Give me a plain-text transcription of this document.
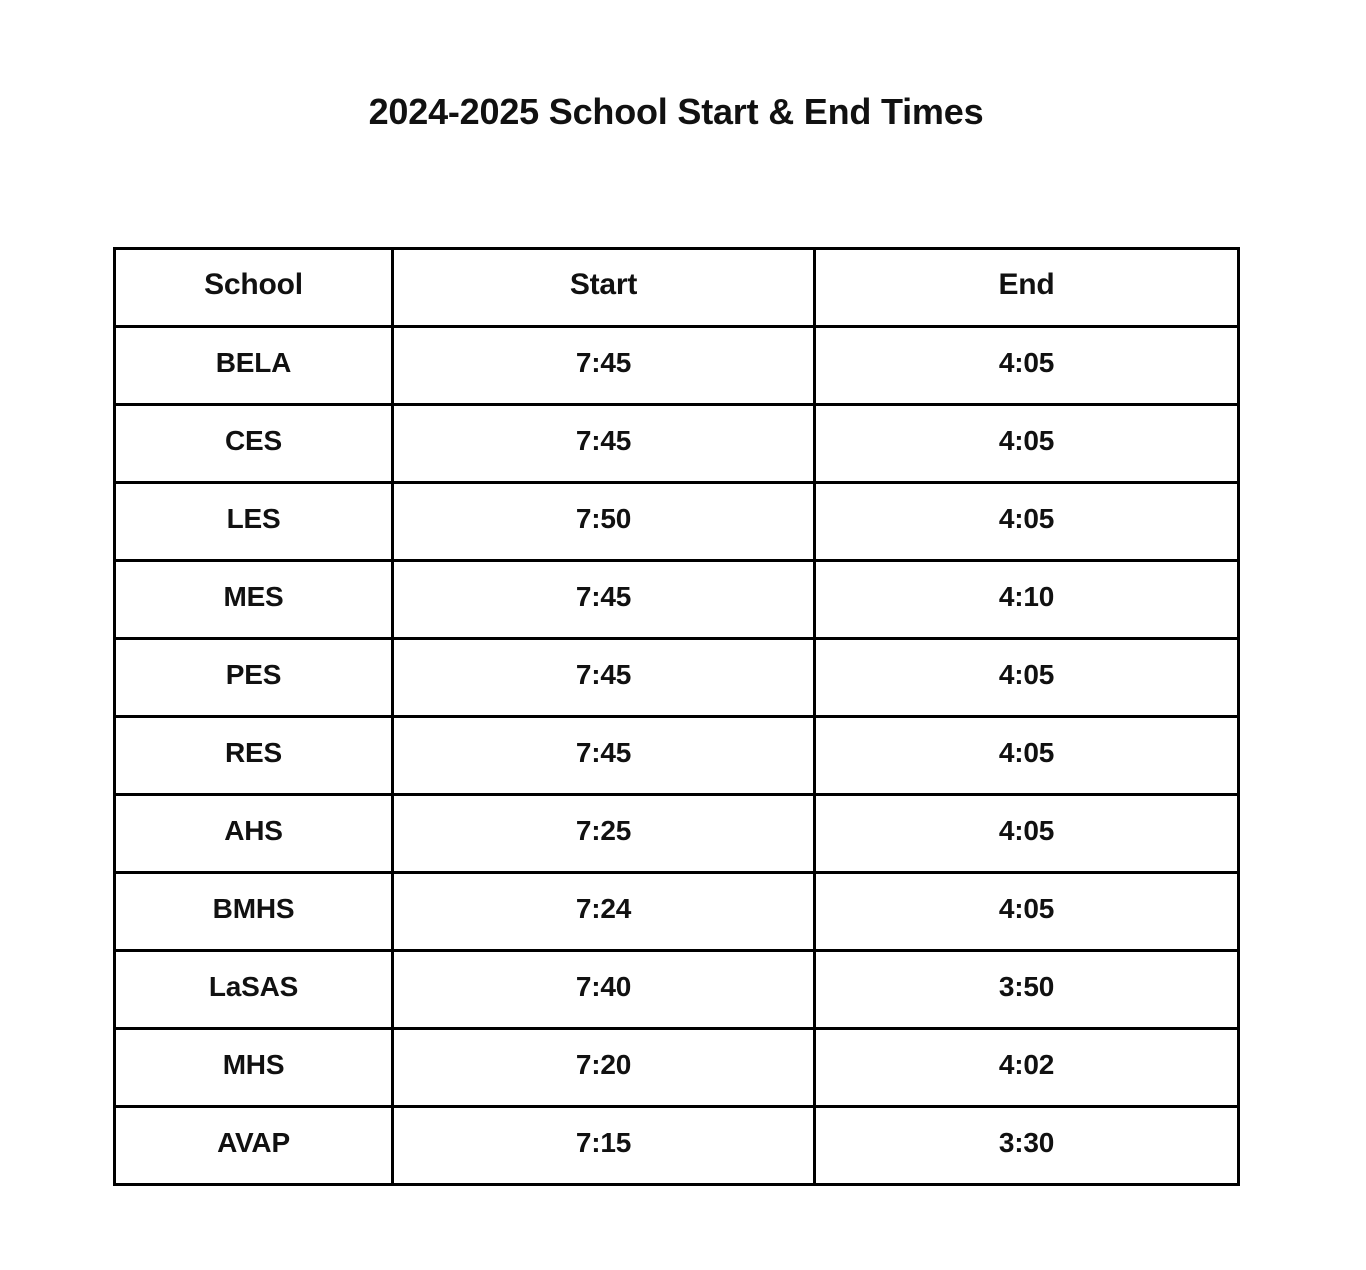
2024-2025 School Start & End Times
School	Start	End
BELA	7:45	4:05
CES	7:45	4:05
LES	7:50	4:05
MES	7:45	4:10
PES	7:45	4:05
RES	7:45	4:05
AHS	7:25	4:05
BMHS	7:24	4:05
LaSAS	7:40	3:50
MHS	7:20	4:02
AVAP	7:15	3:30
